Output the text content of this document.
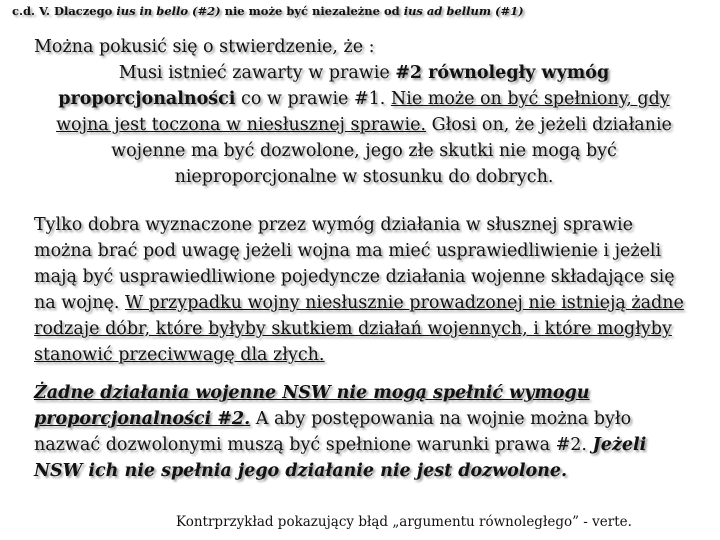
c.d. V. Dlaczego ius in bello (#2) nie może być niezależne od ius ad bellum (#1)
Można pokusić się o stwierdzenie, że :
Musi istnieć zawarty w prawie #2 równoległy wymóg proporcjonalności co w prawie #1. Nie może on być spełniony, gdy wojna jest toczona w niesłusznej sprawie. Głosi on, że jeżeli działanie wojenne ma być dozwolone, jego złe skutki nie mogą być nieproporcjonalne w stosunku do dobrych.
Tylko dobra wyznaczone przez wymóg działania w słusznej sprawie można brać pod uwagę jeżeli wojna ma mieć usprawiedliwienie i jeżeli mają być usprawiedliwione pojedyncze działania wojenne składające się na wojnę. W przypadku wojny niesłusznie prowadzonej nie istnieją żadne rodzaje dóbr, które byłyby skutkiem działań wojennych, i które mogłyby stanowić przeciwwagę dla złych.
Żadne działania wojenne NSW nie mogą spełnić wymogu proporcjonalności #2. A aby postępowania na wojnie można było nazwać dozwolonymi muszą być spełnione warunki prawa #2. Jeżeli NSW ich nie spełnia jego działanie nie jest dozwolone.
Kontrprzykład pokazujący błąd „argumentu równoległego” - verte.
